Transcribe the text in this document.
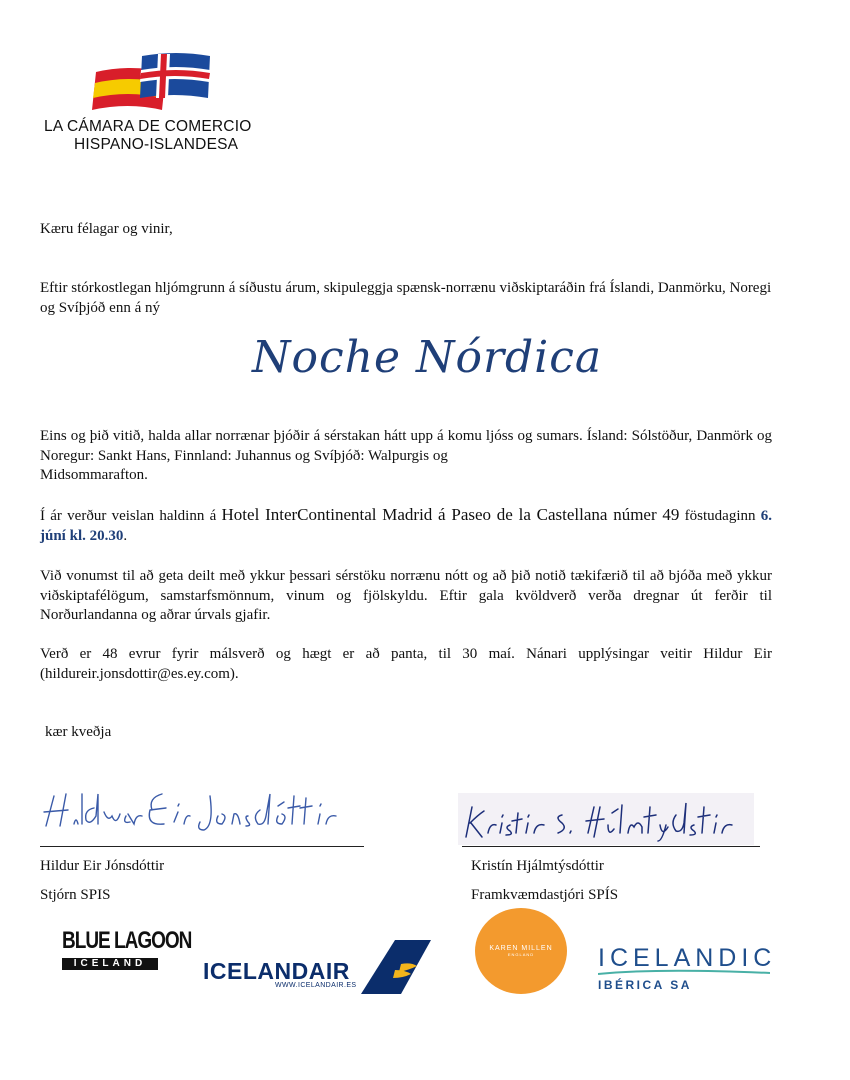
LA CÁMARA DE COMERCIO
HISPANO-ISLANDESA
Kæru félagar og vinir,
Eftir stórkostlegan hljómgrunn á síðustu árum, skipuleggja spænsk-norrænu viðskiptaráðin frá Íslandi, Danmörku, Noregi og Svíþjóð enn á ný
Noche Nórdica
Eins og þið vitið, halda allar norrænar þjóðir á sérstakan hátt upp á komu ljóss og sumars. Ísland: Sólstöður, Danmörk og Noregur: Sankt Hans, Finnland: Juhannus og Svíþjóð: Walpurgis og
Midsommarafton.
Í ár verður veislan haldinn á Hotel InterContinental Madrid á Paseo de la Castellana númer 49 föstudaginn 6. júní kl. 20.30.
Við vonumst til að geta deilt með ykkur þessari sérstöku norrænu nótt og að þið notið tækifærið til að bjóða með ykkur viðskiptafélögum, samstarfsmönnum, vinum og fjölskyldu. Eftir gala kvöldverð verða dregnar út ferðir til Norðurlandanna og aðrar úrvals gjafir.
Verð er 48 evrur fyrir málsverð og hægt er að panta, til 30 maí. Nánari upplýsingar veitir Hildur Eir (hildureir.jonsdottir@es.ey.com).
kær kveðja
Hildur Eir Jónsdóttir
Kristín S. Hjálmtýsdóttir
Hildur Eir Jónsdóttir
Stjórn SPIS
Kristín Hjálmtýsdóttir
Framkvæmdastjóri SPÍS
BLUE LAGOON
ICELAND	ICELANDAIR
WWW.ICELANDAIR.ES
KAREN MILLEN
ENGLAND	ICELANDIC
IBÉRICA SA
